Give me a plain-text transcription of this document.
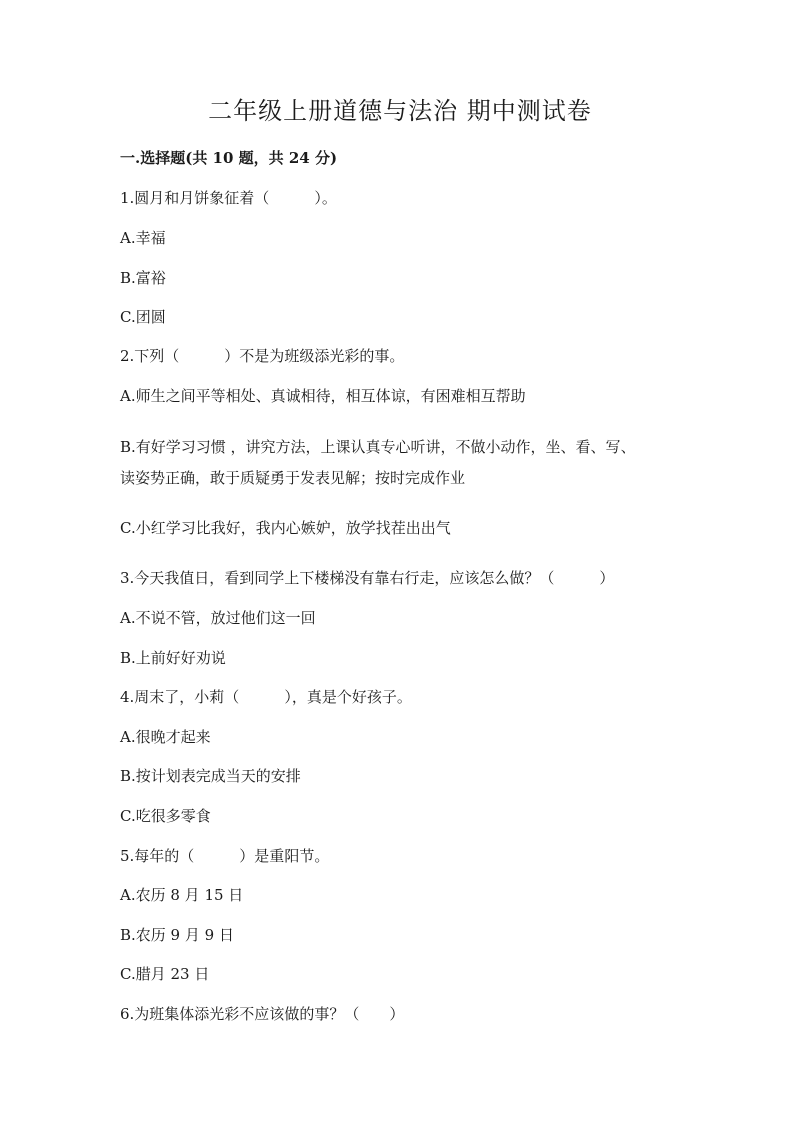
二年级上册道德与法治 期中测试卷
一.选择题(共 10 题，共 24 分)
1.圆月和月饼象征着（　　　）。
A.幸福
B.富裕
C.团圆
2.下列（　　　）不是为班级添光彩的事。
A.师生之间平等相处、真诚相待，相互体谅，有困难相互帮助
B.有好学习习惯 ，讲究方法，上课认真专心听讲，不做小动作，坐、看、写、
读姿势正确，敢于质疑勇于发表见解；按时完成作业
C.小红学习比我好，我内心嫉妒，放学找茬出出气
3.今天我值日，看到同学上下楼梯没有靠右行走，应该怎么做？（　　　）
A.不说不管，放过他们这一回
B.上前好好劝说
4.周末了，小莉（　　　），真是个好孩子。
A.很晚才起来
B.按计划表完成当天的安排
C.吃很多零食
5.每年的（　　　）是重阳节。
A.农历 8 月 15 日
B.农历 9 月 9 日
C.腊月 23 日
6.为班集体添光彩不应该做的事？（　　）
